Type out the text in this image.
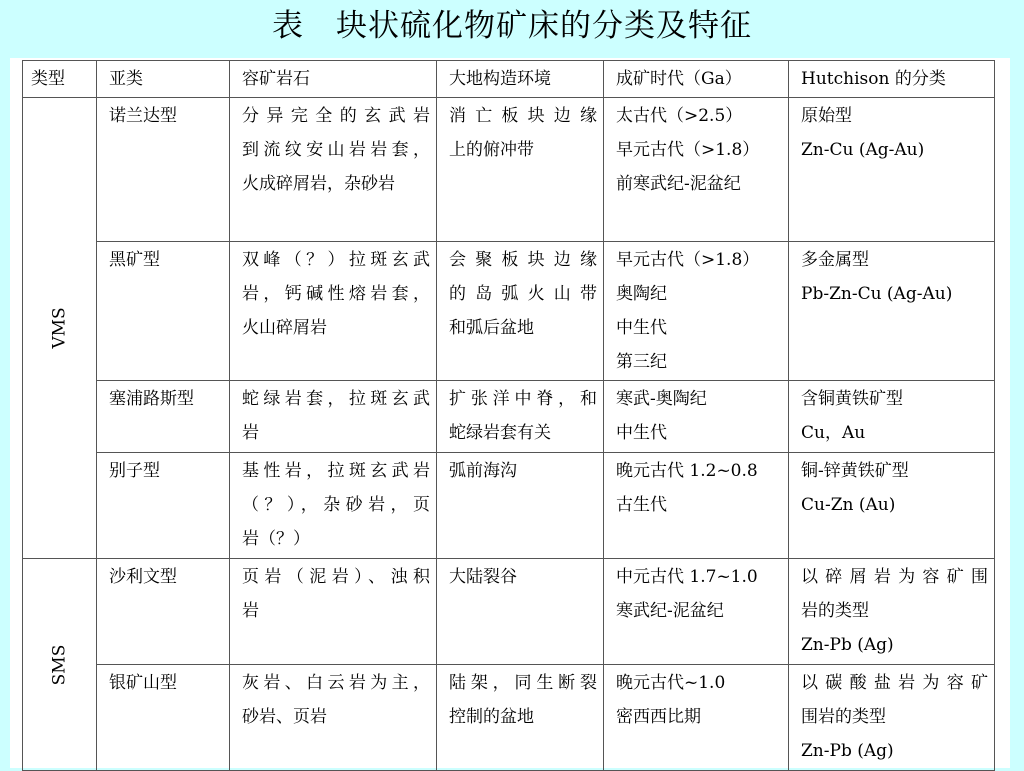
表　块状硫化物矿床的分类及特征
类型	亚类	容矿岩石	大地构造环境	成矿时代（Ga）	Hutchison 的分类
VMS	诺兰达型	分异完全的玄武岩
到流纹安山岩岩套，
火成碎屑岩，杂砂岩	消亡板块边缘
上的俯冲带	太古代（>2.5）
早元古代（>1.8）
前寒武纪-泥盆纪	原始型
Zn-Cu (Ag-Au)

	黑矿型	双峰（？）拉斑玄武
岩，钙碱性熔岩套，
火山碎屑岩	会聚板块边缘
的岛弧火山带
和弧后盆地	早元古代（>1.8）
奥陶纪
中生代
第三纪	多金属型
Pb-Zn-Cu (Ag-Au)

	塞浦路斯型	蛇绿岩套，拉斑玄武
岩	扩张洋中脊，和
蛇绿岩套有关	寒武-奥陶纪
中生代	含铜黄铁矿型
Cu，Au

	别子型	基性岩，拉斑玄武岩
（？），杂砂岩，页
岩（？）	弧前海沟	晚元古代 1.2~0.8
古生代	铜-锌黄铁矿型
Cu-Zn (Au)

SMS	沙利文型	页岩（泥岩）、浊积
岩	大陆裂谷	中元古代 1.7~1.0
寒武纪-泥盆纪	以碎屑岩为容矿围
岩的类型
Zn-Pb (Ag)

	银矿山型	灰岩、白云岩为主，
砂岩、页岩	陆架，同生断裂
控制的盆地	晚元古代~1.0
密西西比期	以碳酸盐岩为容矿
围岩的类型
Zn-Pb (Ag)
